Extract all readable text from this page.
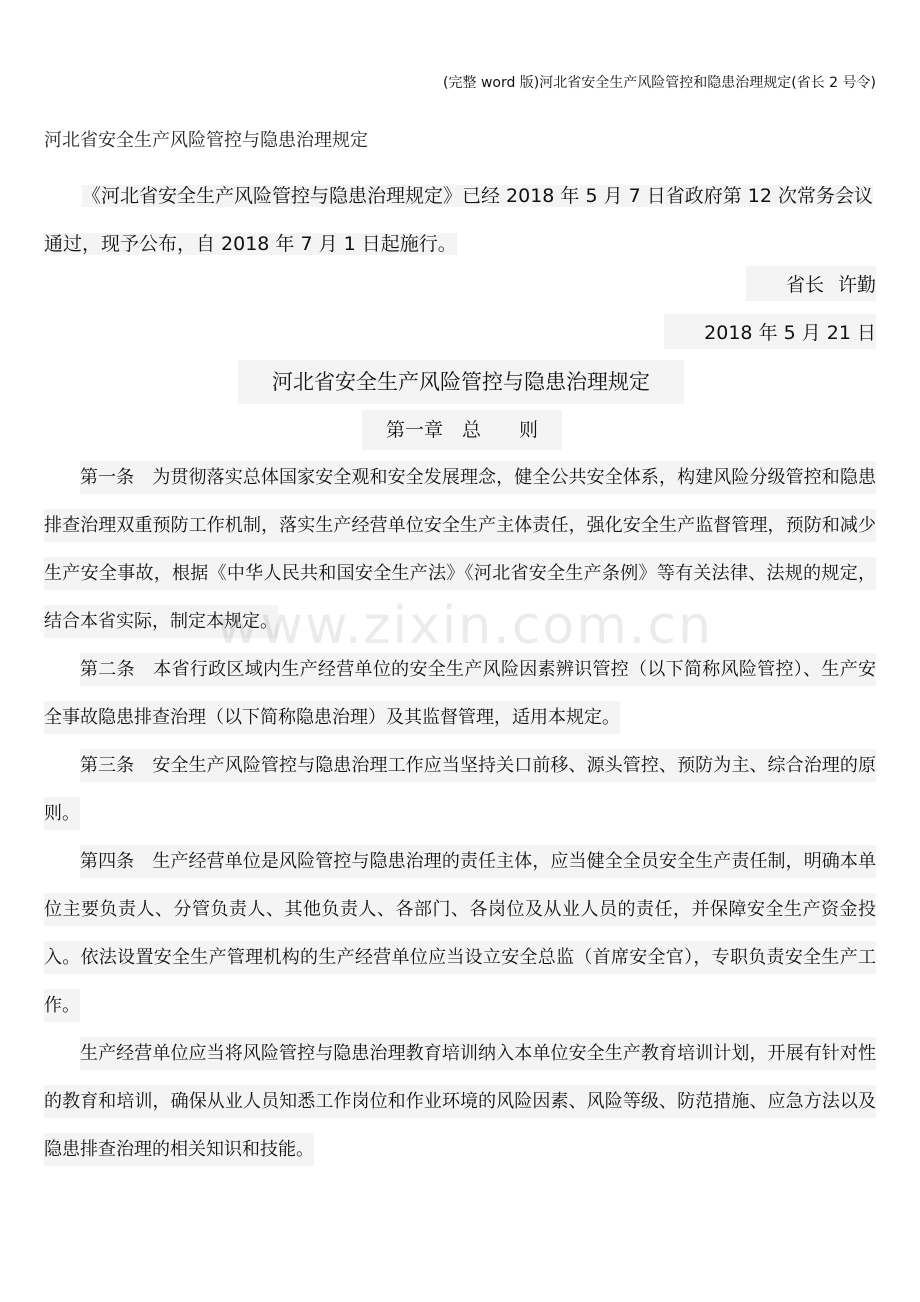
(完整 word 版)河北省安全生产风险管控和隐患治理规定(省长 2 号令)
河北省安全生产风险管控与隐患治理规定

《河北省安全生产风险管控与隐患治理规定》已经 2018 年 5 月 7 日省政府第 12 次常务会议通过，现予公布，自 2018 年 7 月 1 日起施行。

省长 许勤
2018 年 5 月 21 日
河北省安全生产风险管控与隐患治理规定
第一章　总　　则

第一条　为贯彻落实总体国家安全观和安全发展理念，健全公共安全体系，构建风险分级管控和隐患排查治理双重预防工作机制，落实生产经营单位安全生产主体责任，强化安全生产监督管理，预防和减少生产安全事故，根据《中华人民共和国安全生产法》《河北省安全生产条例》等有关法律、法规的规定，结合本省实际，制定本规定。

第二条　本省行政区域内生产经营单位的安全生产风险因素辨识管控（以下简称风险管控）、生产安全事故隐患排查治理（以下简称隐患治理）及其监督管理，适用本规定。

第三条　安全生产风险管控与隐患治理工作应当坚持关口前移、源头管控、预防为主、综合治理的原则。

第四条　生产经营单位是风险管控与隐患治理的责任主体，应当健全全员安全生产责任制，明确本单位主要负责人、分管负责人、其他负责人、各部门、各岗位及从业人员的责任，并保障安全生产资金投入。依法设置安全生产管理机构的生产经营单位应当设立安全总监（首席安全官），专职负责安全生产工作。

生产经营单位应当将风险管控与隐患治理教育培训纳入本单位安全生产教育培训计划，开展有针对性的教育和培训，确保从业人员知悉工作岗位和作业环境的风险因素、风险等级、防范措施、应急方法以及隐患排查治理的相关知识和技能。

www.zixin.com.cn
